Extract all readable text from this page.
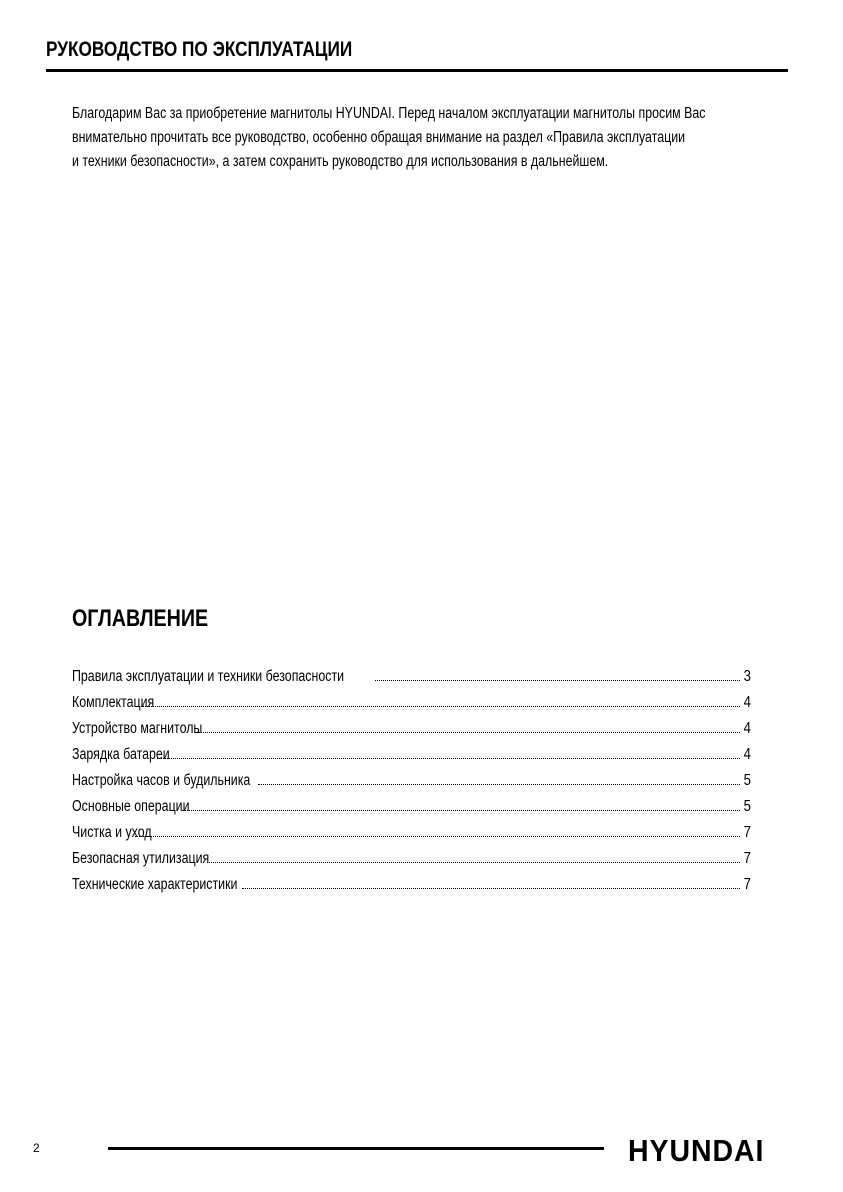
РУКОВОДСТВО ПО ЭКСПЛУАТАЦИИ
Благодарим Вас за приобретение магнитолы HYUNDAI. Перед началом эксплуатации магнитолы просим Вас
внимательно прочитать все руководство, особенно обращая внимание на раздел «Правила эксплуатации
и техники безопасности», а затем сохранить руководство для использования в дальнейшем.
ОГЛАВЛЕНИЕ
Правила эксплуатации и техники безопасности	3
Комплектация	4
Устройство магнитолы	4
Зарядка батареи	4
Настройка часов и будильника	5
Основные операции	5
Чистка и уход	7
Безопасная утилизация	7
Технические характеристики	7
2	HYUNDAI
